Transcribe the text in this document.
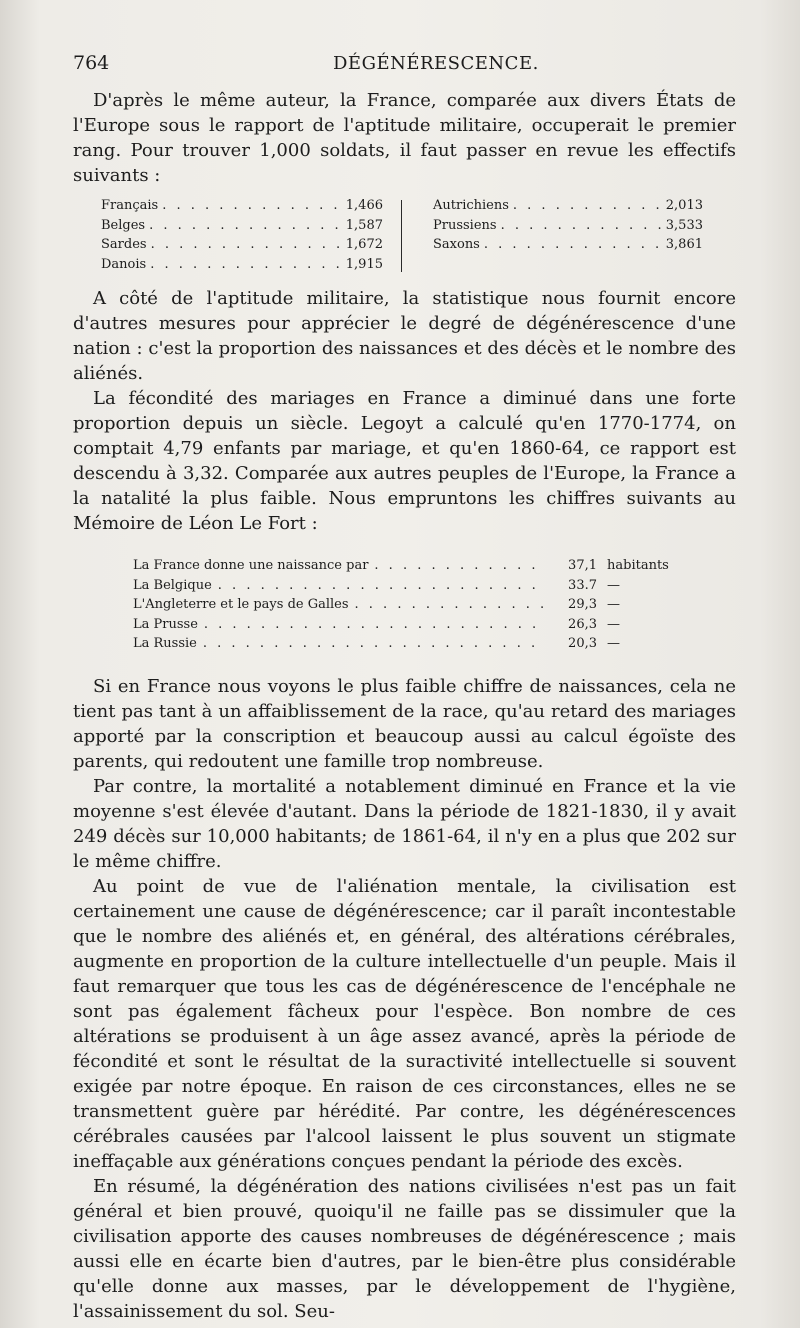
764	DÉGÉNÉRESCENCE.

D'après le même auteur, la France, comparée aux divers États de l'Europe sous le rapport de l'aptitude militaire, occuperait le premier rang. Pour trouver 1,000 soldats, il faut passer en revue les effectifs suivants :

Français . . .	1,466
Belges . . .	1,587
Sardes . . .	1,672
Danois . . .	1,915
Autrichiens . . .	2,013
Prussiens . . .	3,533
Saxons . . .	3,861

A côté de l'aptitude militaire, la statistique nous fournit encore d'autres mesures pour apprécier le degré de dégénérescence d'une nation : c'est la proportion des naissances et des décès et le nombre des aliénés.

La fécondité des mariages en France a diminué dans une forte proportion depuis un siècle. Legoyt a calculé qu'en 1770-1774, on comptait 4,79 enfants par mariage, et qu'en 1860-64, ce rapport est descendu à 3,32. Comparée aux autres peuples de l'Europe, la France a la natalité la plus faible. Nous empruntons les chiffres suivants au Mémoire de Léon Le Fort :

La France donne une naissance par . . .	37,1 habitants
La Belgique . . .	33.7 —
L'Angleterre et le pays de Galles . . .	29,3 —
La Prusse . . .	26,3 —
La Russie . . .	20,3 —

Si en France nous voyons le plus faible chiffre de naissances, cela ne tient pas tant à un affaiblissement de la race, qu'au retard des mariages apporté par la conscription et beaucoup aussi au calcul égoïste des parents, qui redoutent une famille trop nombreuse.

Par contre, la mortalité a notablement diminué en France et la vie moyenne s'est élevée d'autant. Dans la période de 1821-1830, il y avait 249 décès sur 10,000 habitants; de 1861-64, il n'y en a plus que 202 sur le même chiffre.

Au point de vue de l'aliénation mentale, la civilisation est certainement une cause de dégénérescence; car il paraît incontestable que le nombre des aliénés et, en général, des altérations cérébrales, augmente en proportion de la culture intellectuelle d'un peuple. Mais il faut remarquer que tous les cas de dégénérescence de l'encéphale ne sont pas également fâcheux pour l'espèce. Bon nombre de ces altérations se produisent à un âge assez avancé, après la période de fécondité et sont le résultat de la suractivité intellectuelle si souvent exigée par notre époque. En raison de ces circonstances, elles ne se transmettent guère par hérédité. Par contre, les dégénérescences cérébrales causées par l'alcool laissent le plus souvent un stigmate ineffaçable aux générations conçues pendant la période des excès.

En résumé, la dégénération des nations civilisées n'est pas un fait général et bien prouvé, quoiqu'il ne faille pas se dissimuler que la civilisation apporte des causes nombreuses de dégénérescence ; mais aussi elle en écarte bien d'autres, par le bien-être plus considérable qu'elle donne aux masses, par le développement de l'hygiène, l'assainissement du sol. Seu-
